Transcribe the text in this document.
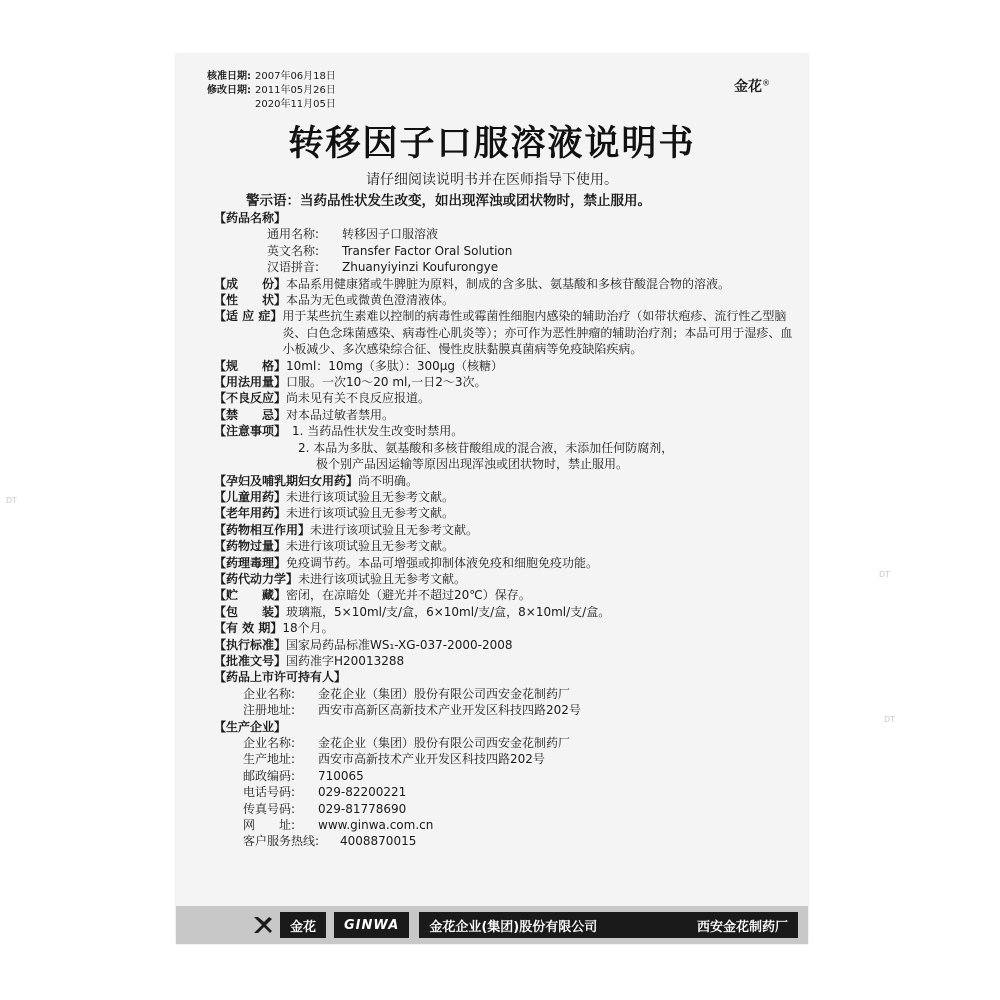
DT
DT
DT
核准日期: 2007年06月18日
修改日期: 2011年05月26日
2020年11月05日
金花®
转移因子口服溶液说明书
请仔细阅读说明书并在医师指导下使用。
警示语：当药品性状发生改变，如出现浑浊或团状物时，禁止服用。
【药品名称】
通用名称:	转移因子口服溶液
英文名称:	Transfer Factor Oral Solution
汉语拼音:	Zhuanyiyinzi Koufurongye
【成　　份】 本品系用健康猪或牛脾脏为原料，制成的含多肽、氨基酸和多核苷酸混合物的溶液。
【性　　状】 本品为无色或微黄色澄清液体。
【适 应 症】 用于某些抗生素难以控制的病毒性或霉菌性细胞内感染的辅助治疗（如带状疱疹、流行性乙型脑炎、白色念珠菌感染、病毒性心肌炎等）；亦可作为恶性肿瘤的辅助治疗剂；本品可用于湿疹、血小板减少、多次感染综合征、慢性皮肤黏膜真菌病等免疫缺陷疾病。
【规　　格】 10ml：10mg（多肽）：300μg（核糖）
【用法用量】 口服。一次10～20 ml,一日2～3次。
【不良反应】 尚未见有关不良反应报道。
【禁　　忌】 对本品过敏者禁用。
【注意事项】 1. 当药品性状发生改变时禁用。
2. 本品为多肽、氨基酸和多核苷酸组成的混合液，未添加任何防腐剂，
极个别产品因运输等原因出现浑浊或团状物时，禁止服用。
【孕妇及哺乳期妇女用药】 尚不明确。
【儿童用药】 未进行该项试验且无参考文献。
【老年用药】 未进行该项试验且无参考文献。
【药物相互作用】 未进行该项试验且无参考文献。
【药物过量】 未进行该项试验且无参考文献。
【药理毒理】 免疫调节药。本品可增强或抑制体液免疫和细胞免疫功能。
【药代动力学】 未进行该项试验且无参考文献。
【贮　　藏】 密闭，在凉暗处（避光并不超过20℃）保存。
【包　　装】 玻璃瓶，5×10ml/支/盒，6×10ml/支/盒，8×10ml/支/盒。
【有 效 期】 18个月。
【执行标准】 国家局药品标准WS₁-XG-037-2000-2008
【批准文号】 国药准字H20013288
【药品上市许可持有人】
企业名称:	金花企业（集团）股份有限公司西安金花制药厂
注册地址:	西安市高新区高新技术产业开发区科技四路202号
【生产企业】
企业名称:	金花企业（集团）股份有限公司西安金花制药厂
生产地址:	西安市高新技术产业开发区科技四路202号
邮政编码:	710065
电话号码:	029-82200221
传真号码:	029-81778690
网　　址:	www.ginwa.com.cn
客户服务热线:	4008870015
金花	GINWA	金花企业(集团)股份有限公司	西安金花制药厂
